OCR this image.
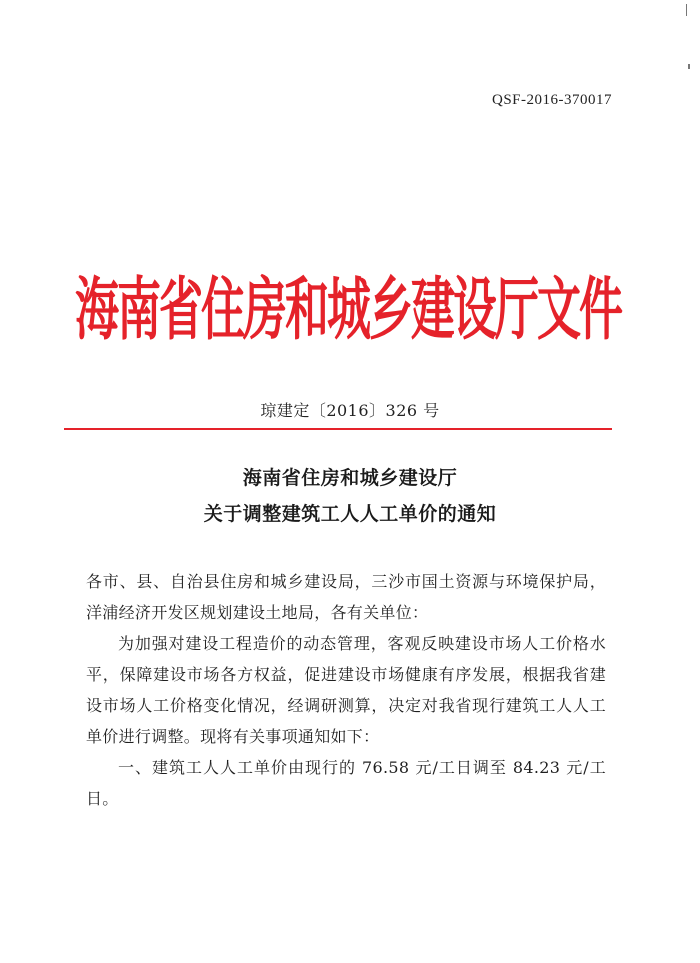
QSF-2016-370017
海南省住房和城乡建设厅文件
琼建定〔2016〕326 号
海南省住房和城乡建设厅
关于调整建筑工人人工单价的通知

各市、县、自治县住房和城乡建设局，三沙市国土资源与环境保护局，洋浦经济开发区规划建设土地局，各有关单位：

为加强对建设工程造价的动态管理，客观反映建设市场人工价格水平，保障建设市场各方权益，促进建设市场健康有序发展，根据我省建设市场人工价格变化情况，经调研测算，决定对我省现行建筑工人人工单价进行调整。现将有关事项通知如下：

一、建筑工人人工单价由现行的 76.58 元/工日调至 84.23 元/工日。
